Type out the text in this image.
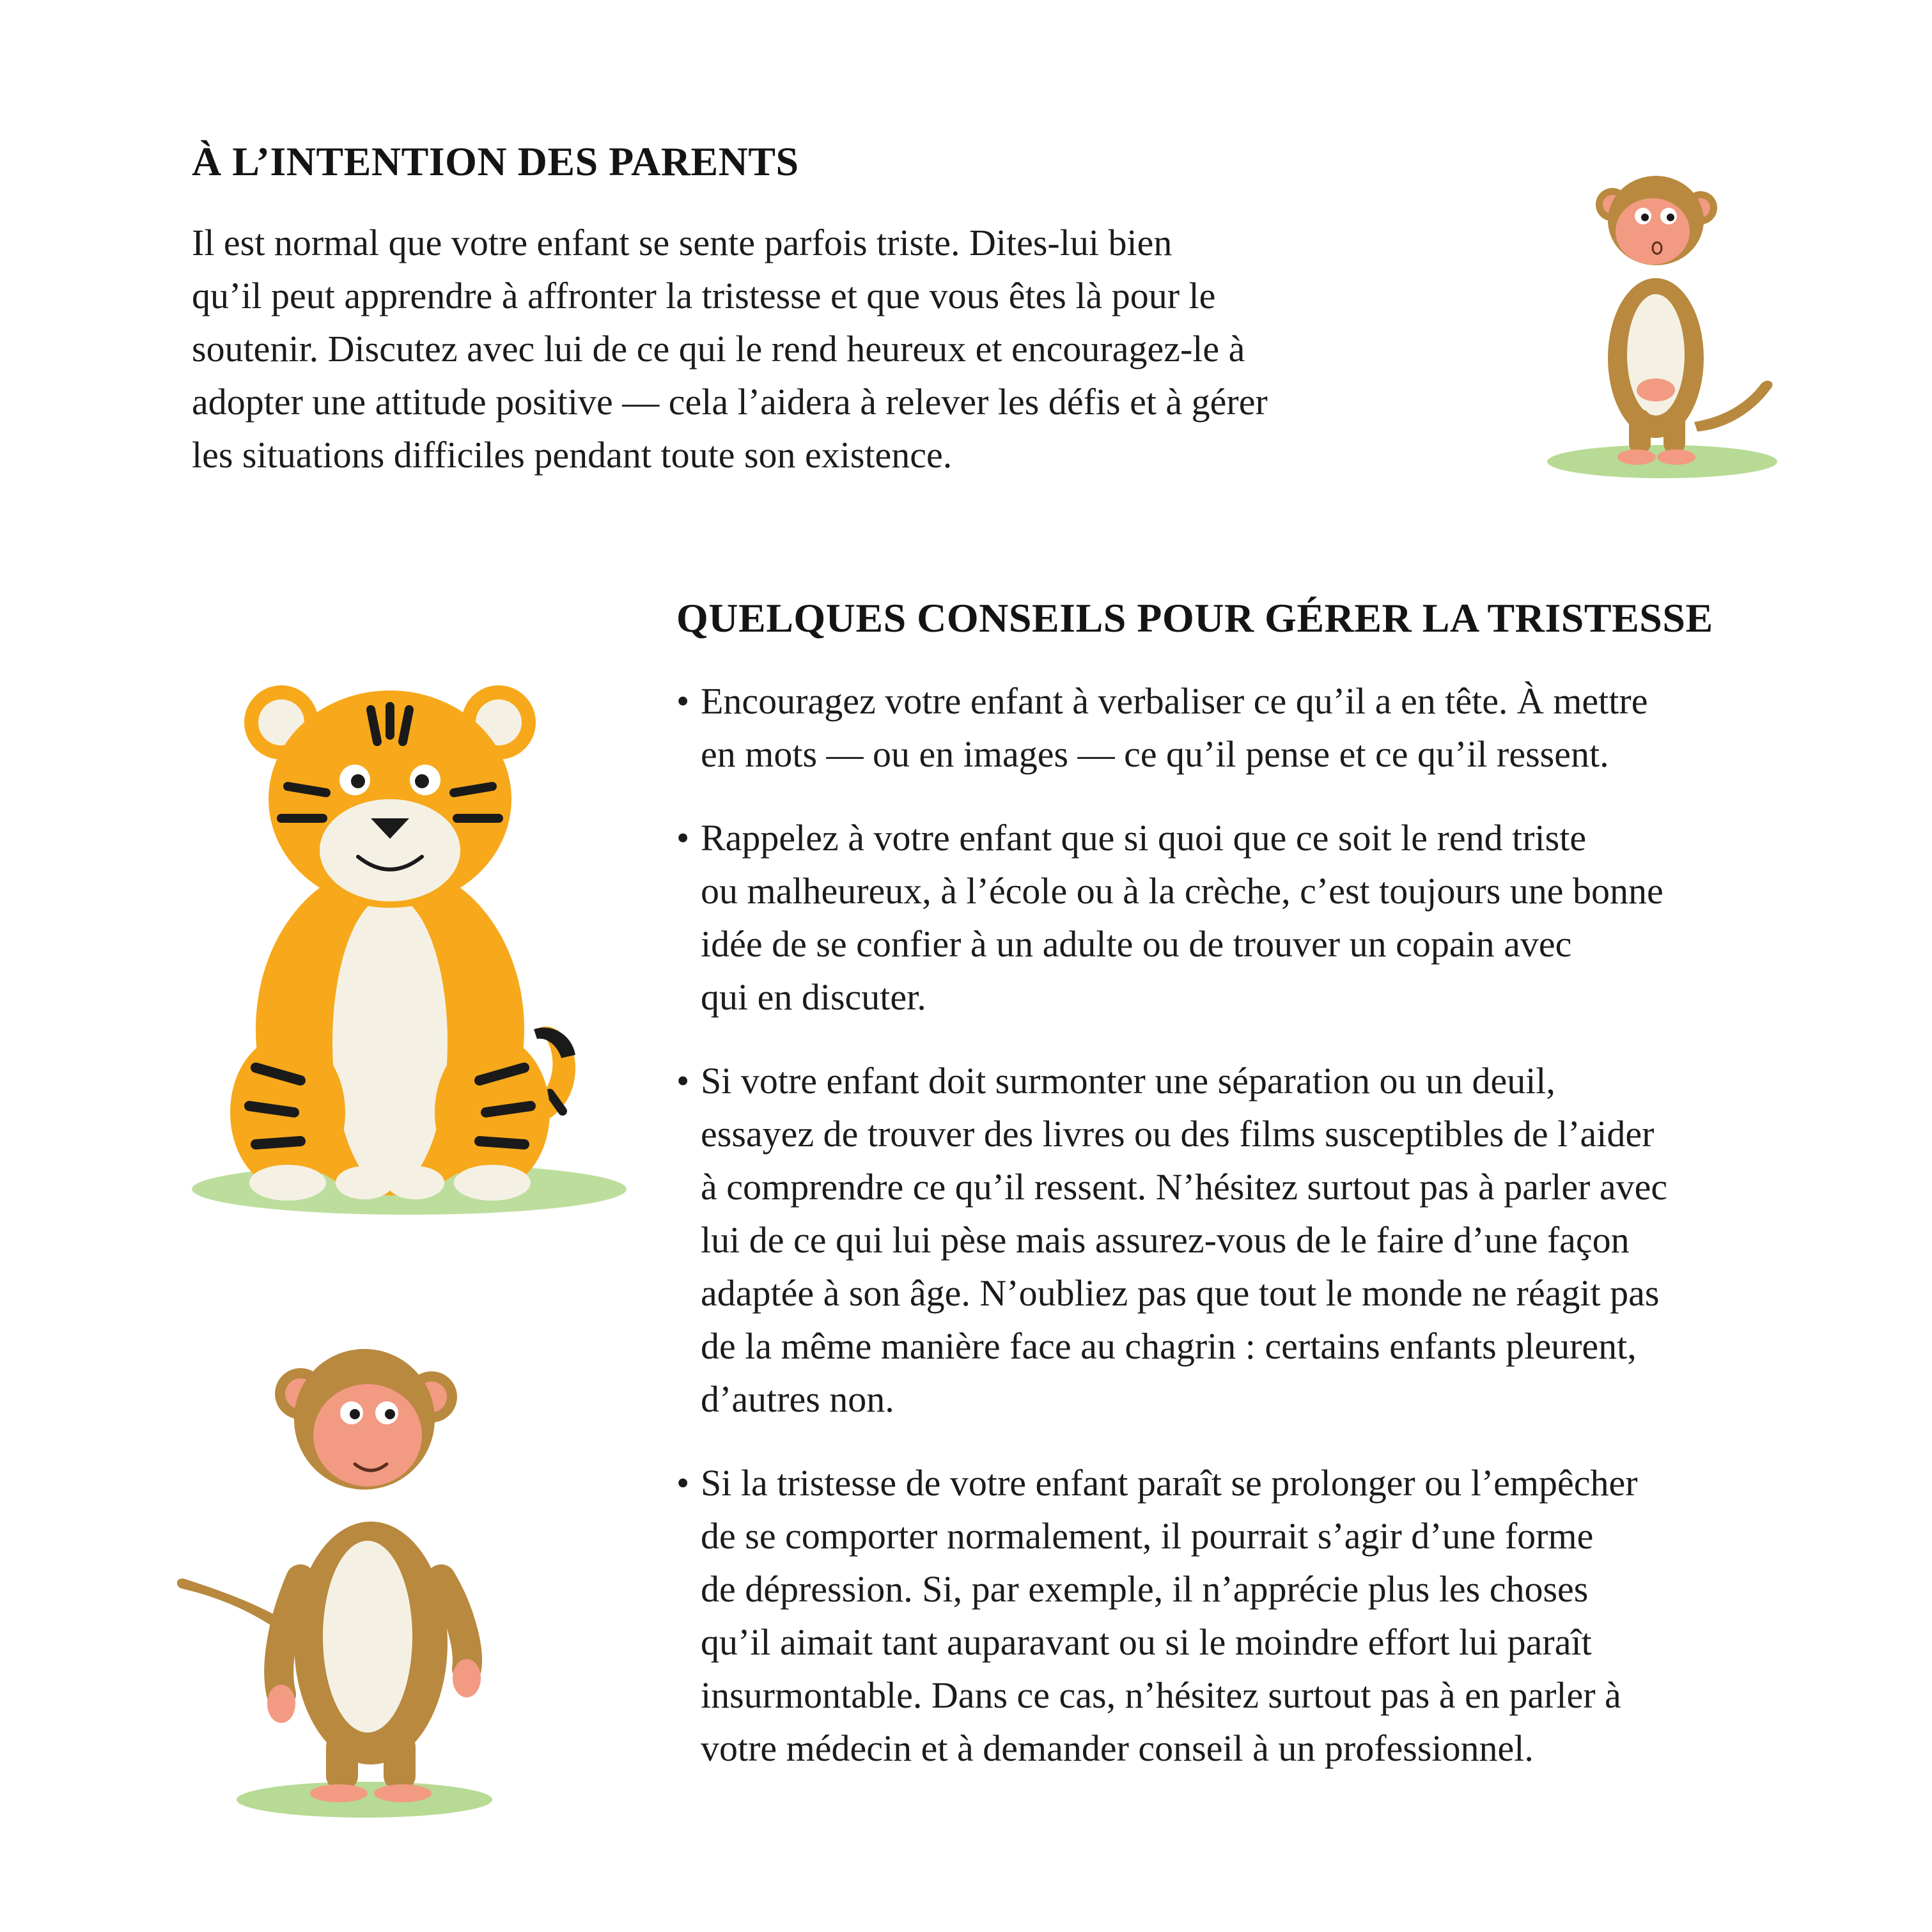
À L’INTENTION DES PARENTS
Il est normal que votre enfant se sente parfois triste. Dites-lui bien
qu’il peut apprendre à affronter la tristesse et que vous êtes là pour le
soutenir. Discutez avec lui de ce qui le rend heureux et encouragez-le à
adopter une attitude positive — cela l’aidera à relever les défis et à gérer
les situations difficiles pendant toute son existence.
QUELQUES CONSEILS POUR GÉRER LA TRISTESSE
• Encouragez votre enfant à verbaliser ce qu’il a en tête. À mettre
en mots — ou en images — ce qu’il pense et ce qu’il ressent.
• Rappelez à votre enfant que si quoi que ce soit le rend triste
ou malheureux, à l’école ou à la crèche, c’est toujours une bonne
idée de se confier à un adulte ou de trouver un copain avec
qui en discuter.
• Si votre enfant doit surmonter une séparation ou un deuil,
essayez de trouver des livres ou des films susceptibles de l’aider
à comprendre ce qu’il ressent. N’hésitez surtout pas à parler avec
lui de ce qui lui pèse mais assurez-vous de le faire d’une façon
adaptée à son âge. N’oubliez pas que tout le monde ne réagit pas
de la même manière face au chagrin : certains enfants pleurent,
d’autres non.
• Si la tristesse de votre enfant paraît se prolonger ou l’empêcher
de se comporter normalement, il pourrait s’agir d’une forme
de dépression. Si, par exemple, il n’apprécie plus les choses
qu’il aimait tant auparavant ou si le moindre effort lui paraît
insurmontable. Dans ce cas, n’hésitez surtout pas à en parler à
votre médecin et à demander conseil à un professionnel.
